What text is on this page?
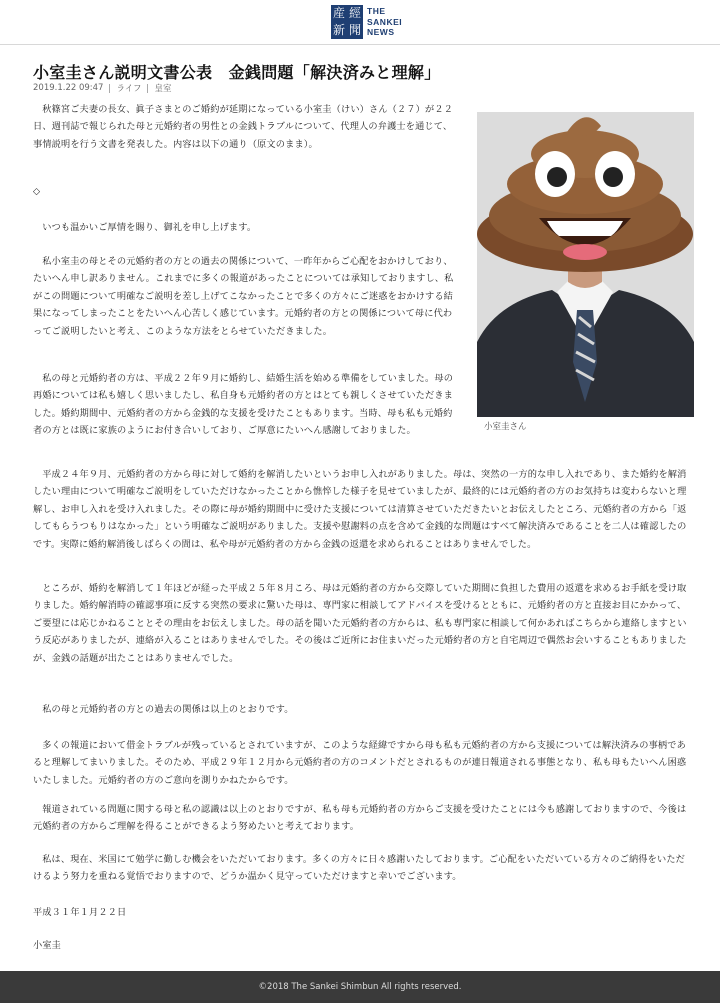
産 經
新 聞
THE
SANKEI
NEWS
小室圭さん説明文書公表　金銭問題「解決済みと理解」
2019.1.22 09:47 ライフ 皇室

秋篠宮ご夫妻の長女、眞子さまとのご婚約が延期になっている小室圭（けい）さん（２７）が２２日、週刊誌で報じられた母と元婚約者の男性との金銭トラブルについて、代理人の弁護士を通じて、事情説明を行う文書を発表した。内容は以下の通り（原文のまま）。

◇

いつも温かいご厚情を賜り、御礼を申し上げます。

私小室圭の母とその元婚約者の方との過去の関係について、一昨年からご心配をおかけしており、たいへん申し訳ありません。これまでに多くの報道があったことについては承知しておりますし、私がこの問題について明確なご説明を差し上げてこなかったことで多くの方々にご迷惑をおかけする結果になってしまったことをたいへん心苦しく感じています。元婚約者の方との関係について母に代わってご説明したいと考え、このような方法をとらせていただきました。

私の母と元婚約者の方は、平成２２年９月に婚約し、結婚生活を始める準備をしていました。母の再婚については私も嬉しく思いましたし、私自身も元婚約者の方とはとても親しくさせていただきました。婚約期間中、元婚約者の方から金銭的な支援を受けたこともあります。当時、母も私も元婚約者の方とは既に家族のようにお付き合いしており、ご厚意にたいへん感謝しておりました。

平成２４年９月、元婚約者の方から母に対して婚約を解消したいというお申し入れがありました。母は、突然の一方的な申し入れであり、また婚約を解消したい理由について明確なご説明をしていただけなかったことから憔悴した様子を見せていましたが、最終的には元婚約者の方のお気持ちは変わらないと理解し、お申し入れを受け入れました。その際に母が婚約期間中に受けた支援については清算させていただきたいとお伝えしたところ、元婚約者の方から「返してもらうつもりはなかった」という明確なご説明がありました。支援や慰謝料の点を含めて金銭的な問題はすべて解決済みであることを二人は確認したのです。実際に婚約解消後しばらくの間は、私や母が元婚約者の方から金銭の返還を求められることはありませんでした。

ところが、婚約を解消して１年ほどが経った平成２５年８月ころ、母は元婚約者の方から交際していた期間に負担した費用の返還を求めるお手紙を受け取りました。婚約解消時の確認事項に反する突然の要求に驚いた母は、専門家に相談してアドバイスを受けるとともに、元婚約者の方と直接お目にかかって、ご要望には応じかねることとその理由をお伝えしました。母の話を聞いた元婚約者の方からは、私も専門家に相談して何かあればこちらから連絡しますという反応がありましたが、連絡が入ることはありませんでした。その後はご近所にお住まいだった元婚約者の方と自宅周辺で偶然お会いすることもありましたが、金銭の話題が出たことはありませんでした。

私の母と元婚約者の方との過去の関係は以上のとおりです。

多くの報道において借金トラブルが残っているとされていますが、このような経緯ですから母も私も元婚約者の方から支援については解決済みの事柄であると理解してまいりました。そのため、平成２９年１２月から元婚約者の方のコメントだとされるものが連日報道される事態となり、私も母もたいへん困惑いたしました。元婚約者の方のご意向を測りかねたからです。

報道されている問題に関する母と私の認識は以上のとおりですが、私も母も元婚約者の方からご支援を受けたことには今も感謝しておりますので、今後は元婚約者の方からご理解を得ることができるよう努めたいと考えております。

私は、現在、米国にて勉学に勤しむ機会をいただいております。多くの方々に日々感謝いたしております。ご心配をいただいている方々のご納得をいただけるよう努力を重ねる覚悟でおりますので、どうか温かく見守っていただけますと幸いでございます。

平成３１年１月２２日

小室圭

小室圭さん
©2018 The Sankei Shimbun All rights reserved.
